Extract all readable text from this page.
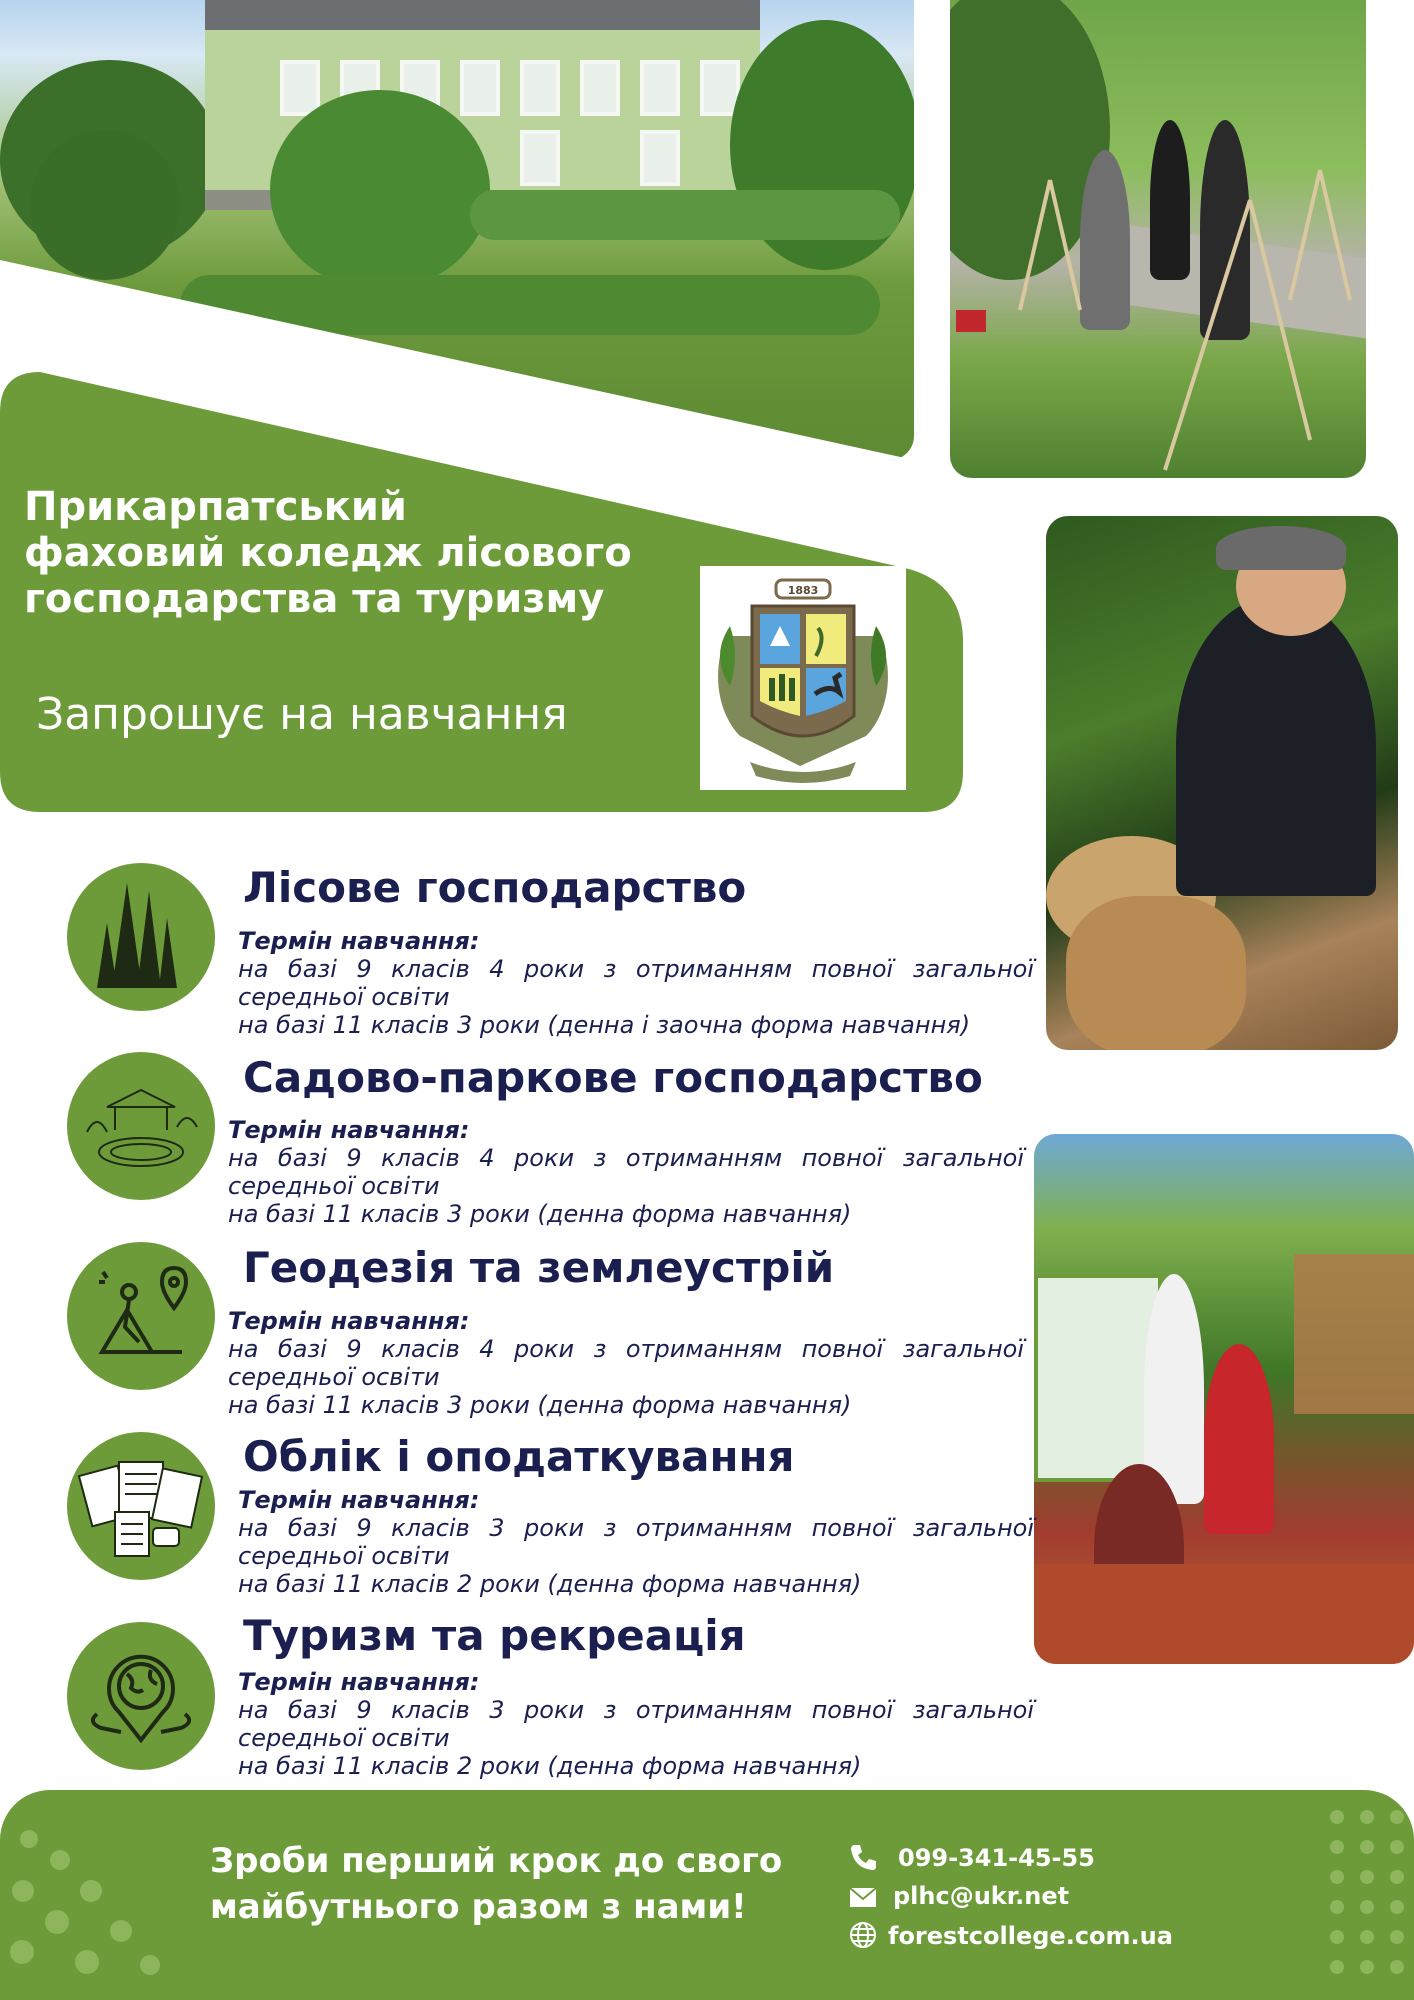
Прикарпатський
фаховий коледж лісового
господарства та туризму
Запрошує на навчання
1883
Лісове господарство
Термін навчання:
на базі 9 класів 4 роки з отриманням повної загальної
середньої освіти
на базі 11 класів 3 роки (денна і заочна форма навчання)
Садово-паркове господарство
Термін навчання:
на базі 9 класів 4 роки з отриманням повної загальної
середньої освіти
на базі 11 класів 3 роки (денна форма навчання)
Геодезія та землеустрій
Термін навчання:
на базі 9 класів 4 роки з отриманням повної загальної
середньої освіти
на базі 11 класів 3 роки (денна форма навчання)
Облік і оподаткування
Термін навчання:
на базі 9 класів 3 роки з отриманням повної загальної
середньої освіти
на базі 11 класів 2 роки (денна форма навчання)
Туризм та рекреація
Термін навчання:
на базі 9 класів 3 роки з отриманням повної загальної
середньої освіти
на базі 11 класів 2 роки (денна форма навчання)
Зроби перший крок до свого
майбутнього разом з нами!
099-341-45-55
plhc@ukr.net
forestcollege.com.ua
